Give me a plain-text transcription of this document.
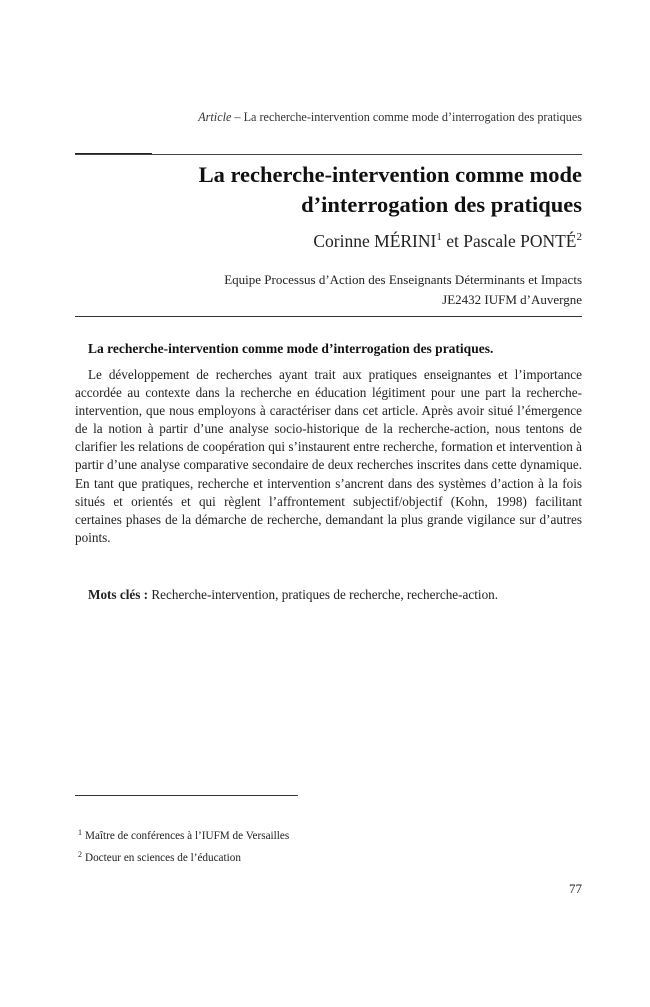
Article – La recherche-intervention comme mode d’interrogation des pratiques
La recherche-intervention comme mode
d’interrogation des pratiques
Corinne MÉRINI$^1$ et Pascale PONTÉ$^2$
Equipe Processus d’Action des Enseignants Déterminants et Impacts
JE2432 IUFM d’Auvergne
La recherche-intervention comme mode d’interrogation des pratiques.

Le développement de recherches ayant trait aux pratiques enseignantes et l’importance accordée au contexte dans la recherche en éducation légitiment pour une part la recherche-intervention, que nous employons à caractériser dans cet article. Après avoir situé l’émergence de la notion à partir d’une analyse socio-historique de la recherche-action, nous tentons de clarifier les relations de coopération qui s’instaurent entre recherche, formation et intervention à partir d’une analyse comparative secondaire de deux recherches inscrites dans cette dynamique. En tant que pratiques, recherche et intervention s’ancrent dans des systèmes d’action à la fois situés et orientés et qui règlent l’affrontement subjectif/objectif (Kohn, 1998) facilitant certaines phases de la démarche de recherche, demandant la plus grande vigilance sur d’autres points.

Mots clés : Recherche-intervention, pratiques de recherche, recherche-action.

$^1$ Maître de conférences à l’IUFM de Versailles
$^2$ Docteur en sciences de l’éducation
77
